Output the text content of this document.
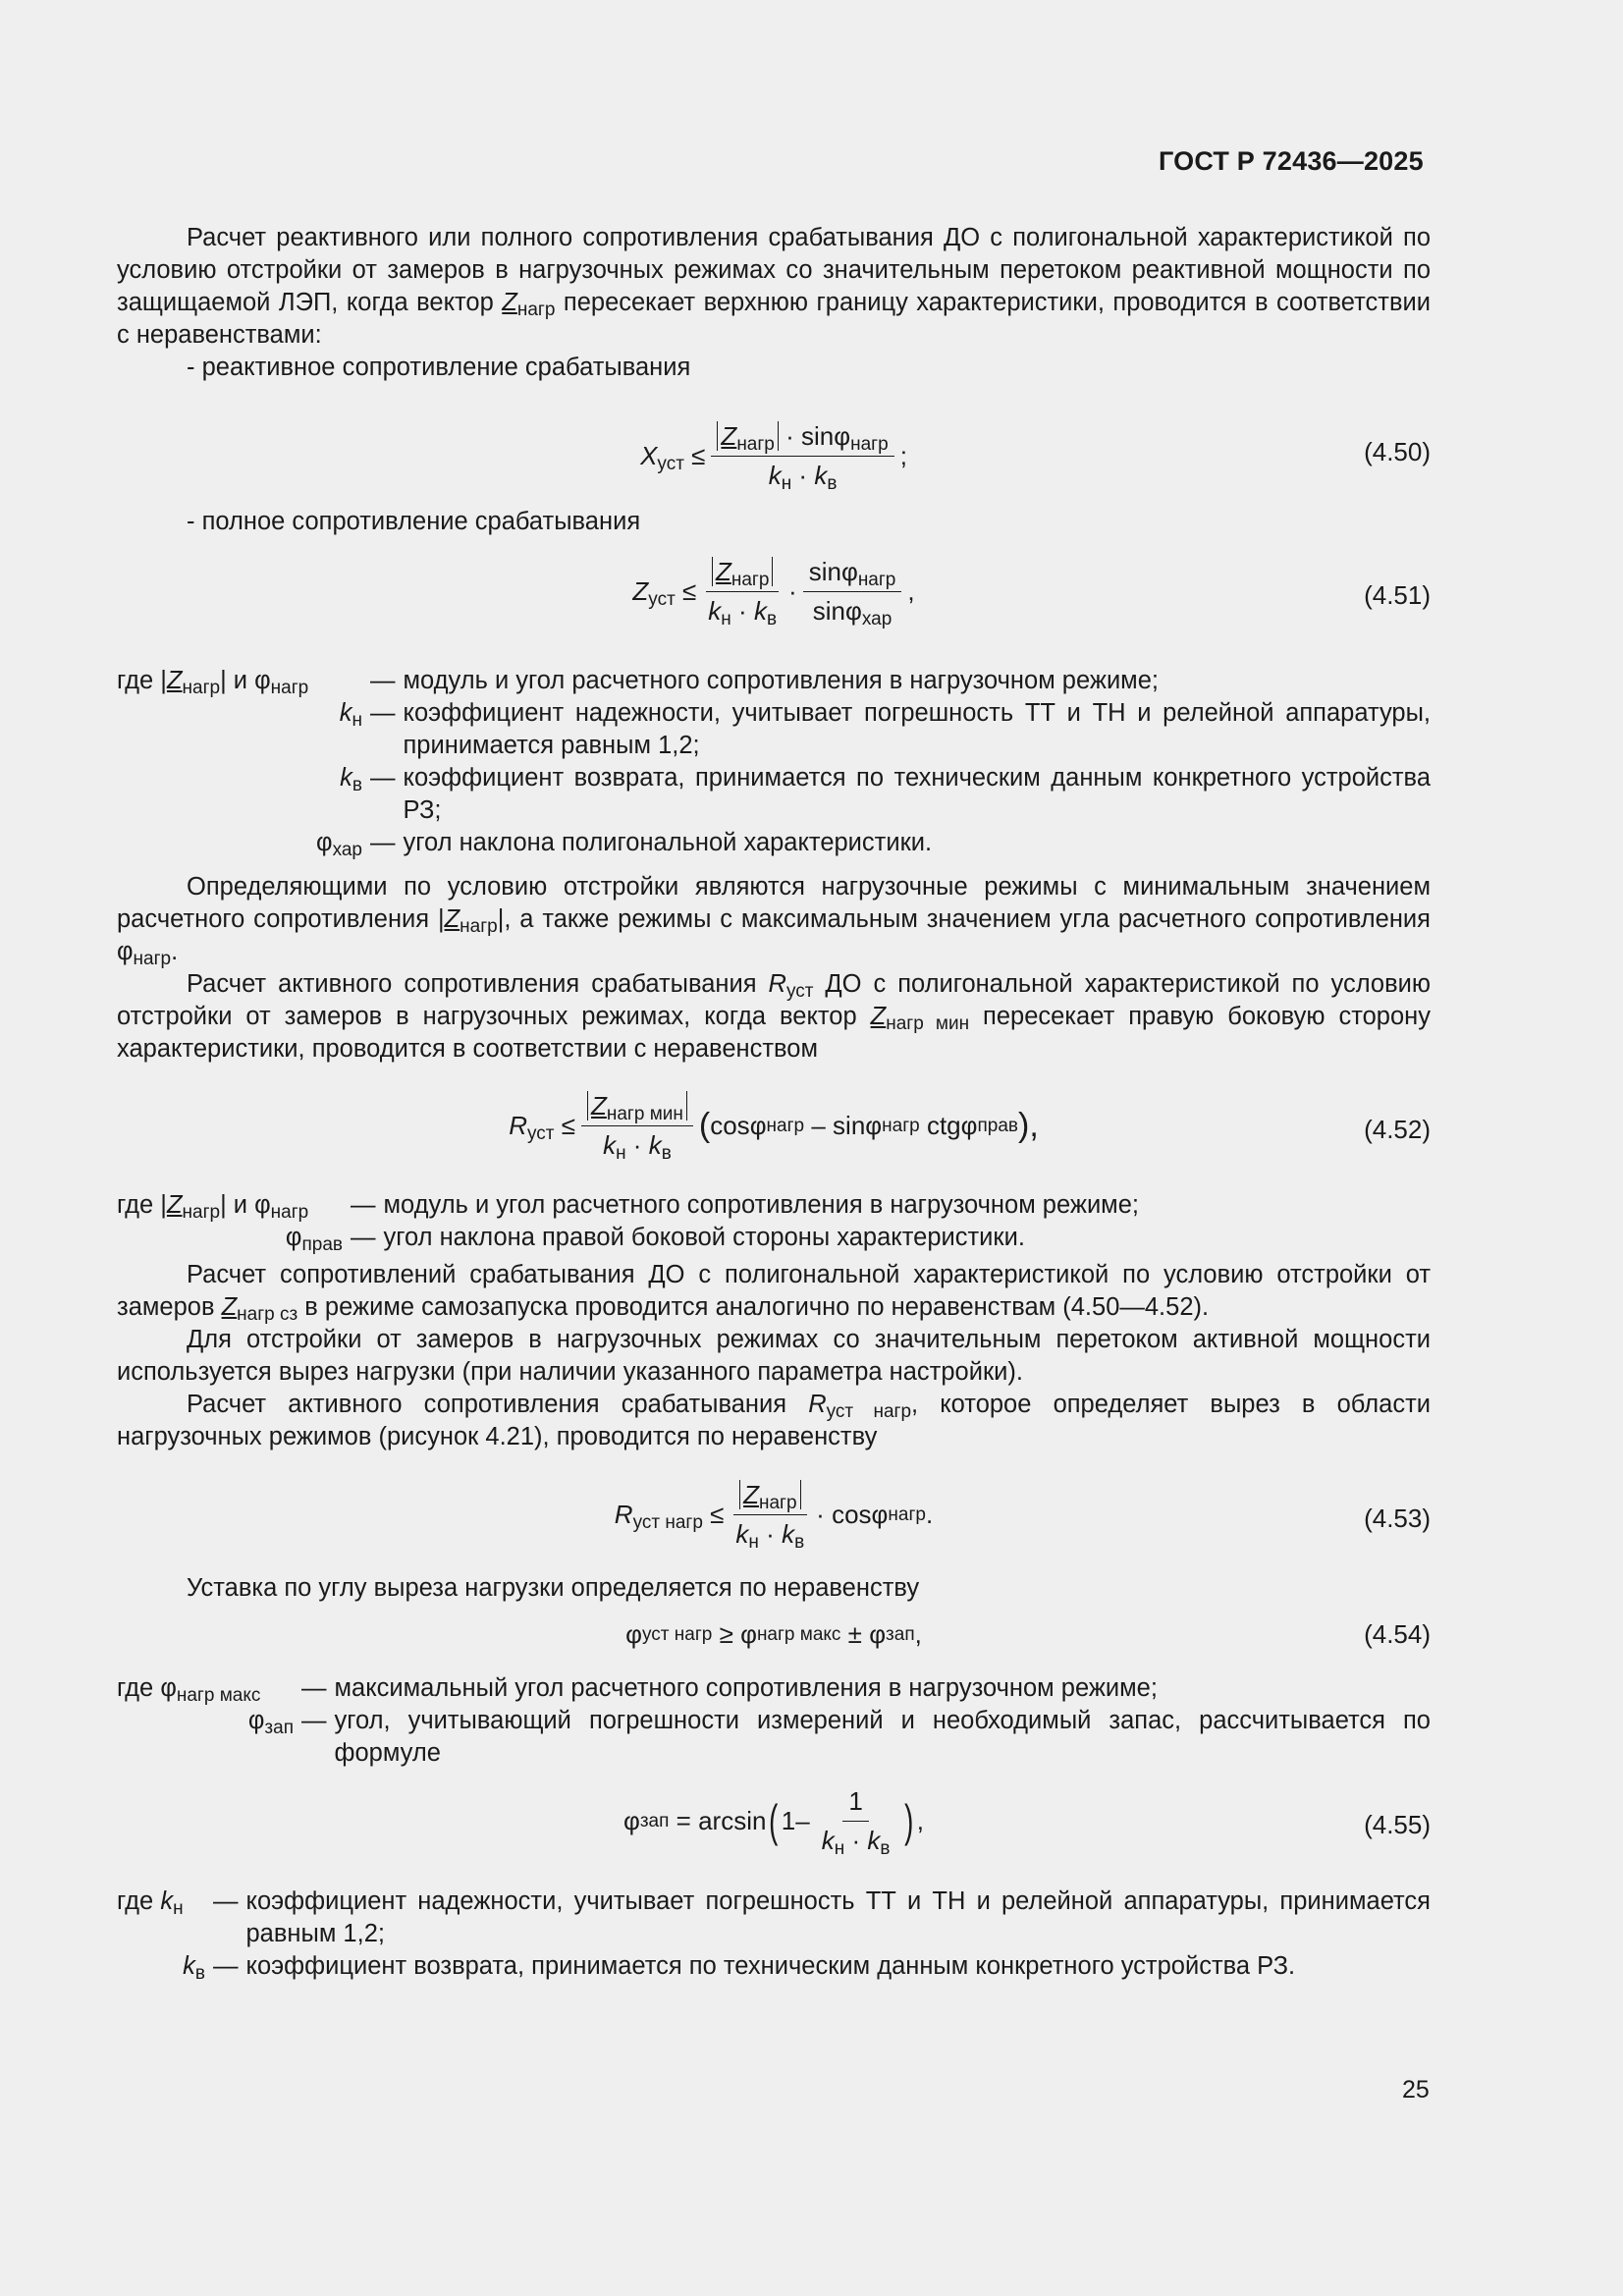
ГОСТ Р 72436—2025

Расчет реактивного или полного сопротивления срабатывания ДО с полигональной характеристикой по условию отстройки от замеров в нагрузочных режимах со значительным перетоком реактивной мощности по защищаемой ЛЭП, когда вектор $Z_{нагр}$ пересекает верхнюю границу характеристики, проводится в соответствии с неравенствами:

- реактивное сопротивление срабатывания

$X_{уст} \le \frac{Z_{нагр} \cdot \sin\varphi_{нагр}}{k_н \cdot k_в}$ ;	(4.50)

- полное сопротивление срабатывания

$Z_{уст} \le \frac{Z_{нагр}}{k_н \cdot k_в} \cdot \frac{\sin\varphi_{нагр}}{\sin\varphi_{хар}}$ ,	(4.51)
где $|Z_{нагр}|$ и $\varphi_{нагр}$	— модуль и угол расчетного сопротивления в нагрузочном режиме;
$k_н$ — коэффициент надежности, учитывает погрешность ТТ и ТН и релейной аппаратуры, принимается равным 1,2;
$k_в$ — коэффициент возврата, принимается по техническим данным конкретного устройства РЗ;
$\varphi_{хар}$ — угол наклона полигональной характеристики.

Определяющими по условию отстройки являются нагрузочные режимы с минимальным значением расчетного сопротивления $|Z_{нагр}|$, а также режимы с максимальным значением угла расчетного сопротивления $\varphi_{нагр}$.

Расчет активного сопротивления срабатывания $R_{уст}$ ДО с полигональной характеристикой по условию отстройки от замеров в нагрузочных режимах, когда вектор $Z_{нагр мин}$ пересекает правую боковую сторону характеристики, проводится в соответствии с неравенством

$R_{уст} \le \frac{Z_{нагр мин}}{k_н \cdot k_в}$ ( cos φ нагр
–
sin φ нагр
ctg φ прав ),	(4.52)
где $|Z_{нагр}|$ и $\varphi_{нагр}$	— модуль и угол расчетного сопротивления в нагрузочном режиме;
$\varphi_{прав}$ — угол наклона правой боковой стороны характеристики.

Расчет сопротивлений срабатывания ДО с полигональной характеристикой по условию отстройки от замеров $Z_{нагр сз}$ в режиме самозапуска проводится аналогично по неравенствам (4.50—4.52).

Для отстройки от замеров в нагрузочных режимах со значительным перетоком активной мощности используется вырез нагрузки (при наличии указанного параметра настройки).

Расчет активного сопротивления срабатывания $R_{уст нагр}$, которое определяет вырез в области нагрузочных режимов (рисунок 4.21), проводится по неравенству

$R_{уст нагр} \le \frac{Z_{нагр}}{k_н \cdot k_в}$ ·
cos φ нагр .	(4.53)

Уставка по углу выреза нагрузки определяется по неравенству

φ уст нагр
≥
φ нагр макс
±
φ зап ,	(4.54)
где $\varphi_{нагр макс}$	— максимальный угол расчетного сопротивления в нагрузочном режиме;
$\varphi_{зап}$ — угол, учитывающий погрешности измерений и необходимый запас, рассчитывается по формуле
φ зап
=
arcsin ( $1 - \frac{1}{k_н \cdot k_в}$ ) ,	(4.55)
где $k_н$	— коэффициент надежности, учитывает погрешность ТТ и ТН и релейной аппаратуры, принимается равным 1,2;
$k_в$ — коэффициент возврата, принимается по техническим данным конкретного устройства РЗ.
25
